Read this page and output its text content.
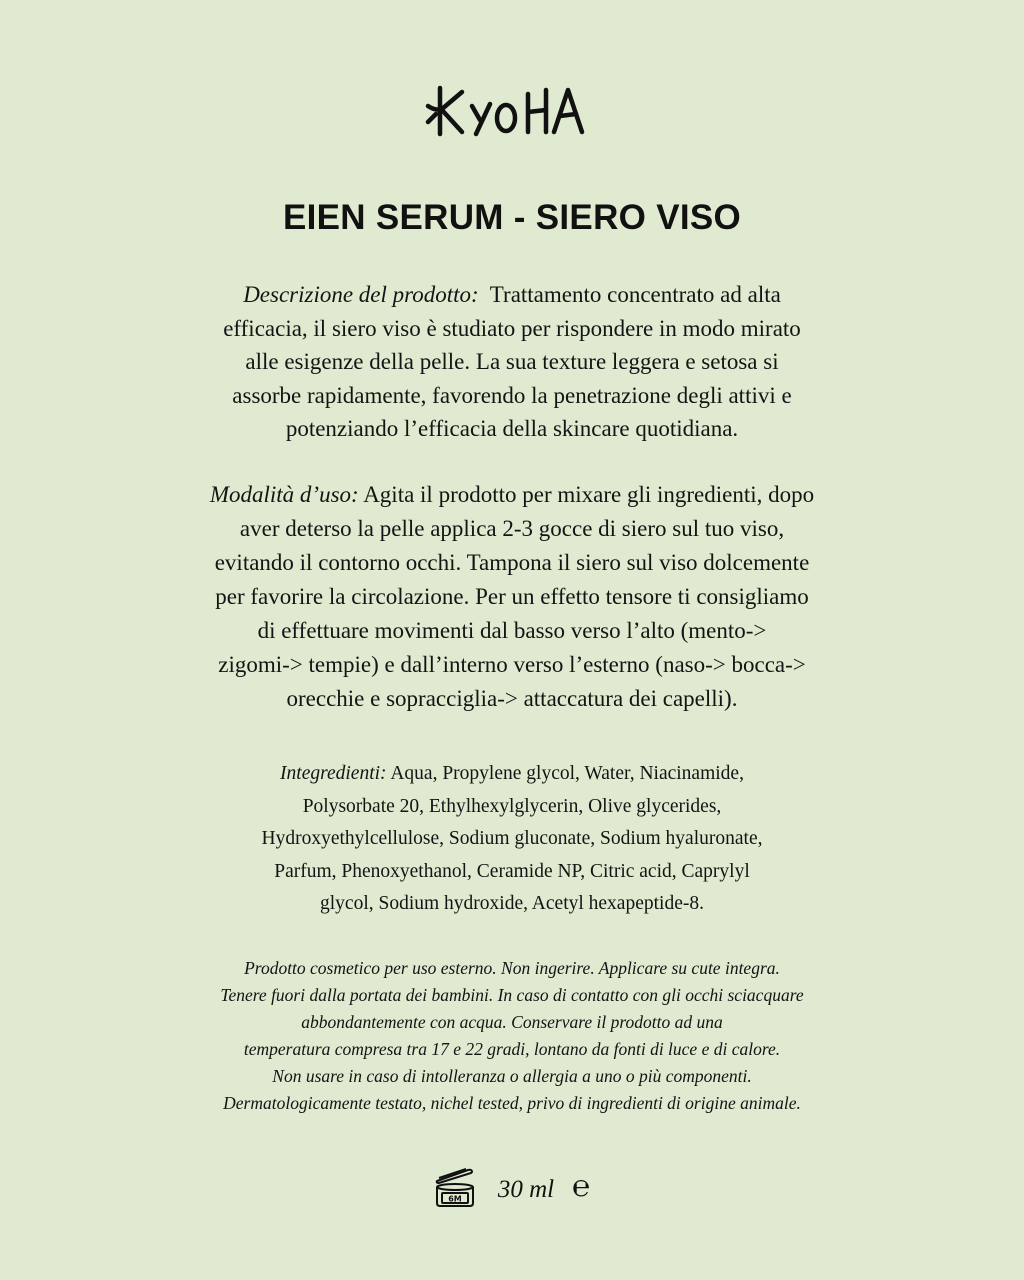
EIEN SERUM - SIERO VISO
Descrizione del prodotto: Trattamento concentrato ad alta
efficacia, il siero viso è studiato per rispondere in modo mirato
alle esigenze della pelle. La sua texture leggera e setosa si
assorbe rapidamente, favorendo la penetrazione degli attivi e
potenziando l’efficacia della skincare quotidiana.
Modalità d’uso: Agita il prodotto per mixare gli ingredienti, dopo
aver deterso la pelle applica 2-3 gocce di siero sul tuo viso,
evitando il contorno occhi. Tampona il siero sul viso dolcemente
per favorire la circolazione. Per un effetto tensore ti consigliamo
di effettuare movimenti dal basso verso l’alto (mento->
zigomi-> tempie) e dall’interno verso l’esterno (naso-> bocca->
orecchie e sopracciglia-> attaccatura dei capelli).
Integredienti: Aqua, Propylene glycol, Water, Niacinamide,
Polysorbate 20, Ethylhexylglycerin, Olive glycerides,
Hydroxyethylcellulose, Sodium gluconate, Sodium hyaluronate,
Parfum, Phenoxyethanol, Ceramide NP, Citric acid, Caprylyl
glycol, Sodium hydroxide, Acetyl hexapeptide-8.
Prodotto cosmetico per uso esterno. Non ingerire. Applicare su cute integra.
Tenere fuori dalla portata dei bambini. In caso di contatto con gli occhi sciacquare
abbondantemente con acqua. Conservare il prodotto ad una
temperatura compresa tra 17 e 22 gradi, lontano da fonti di luce e di calore.
Non usare in caso di intolleranza o allergia a uno o più componenti.
Dermatologicamente testato, nichel tested, privo di ingredienti di origine animale.
6M 30 ml ℮
